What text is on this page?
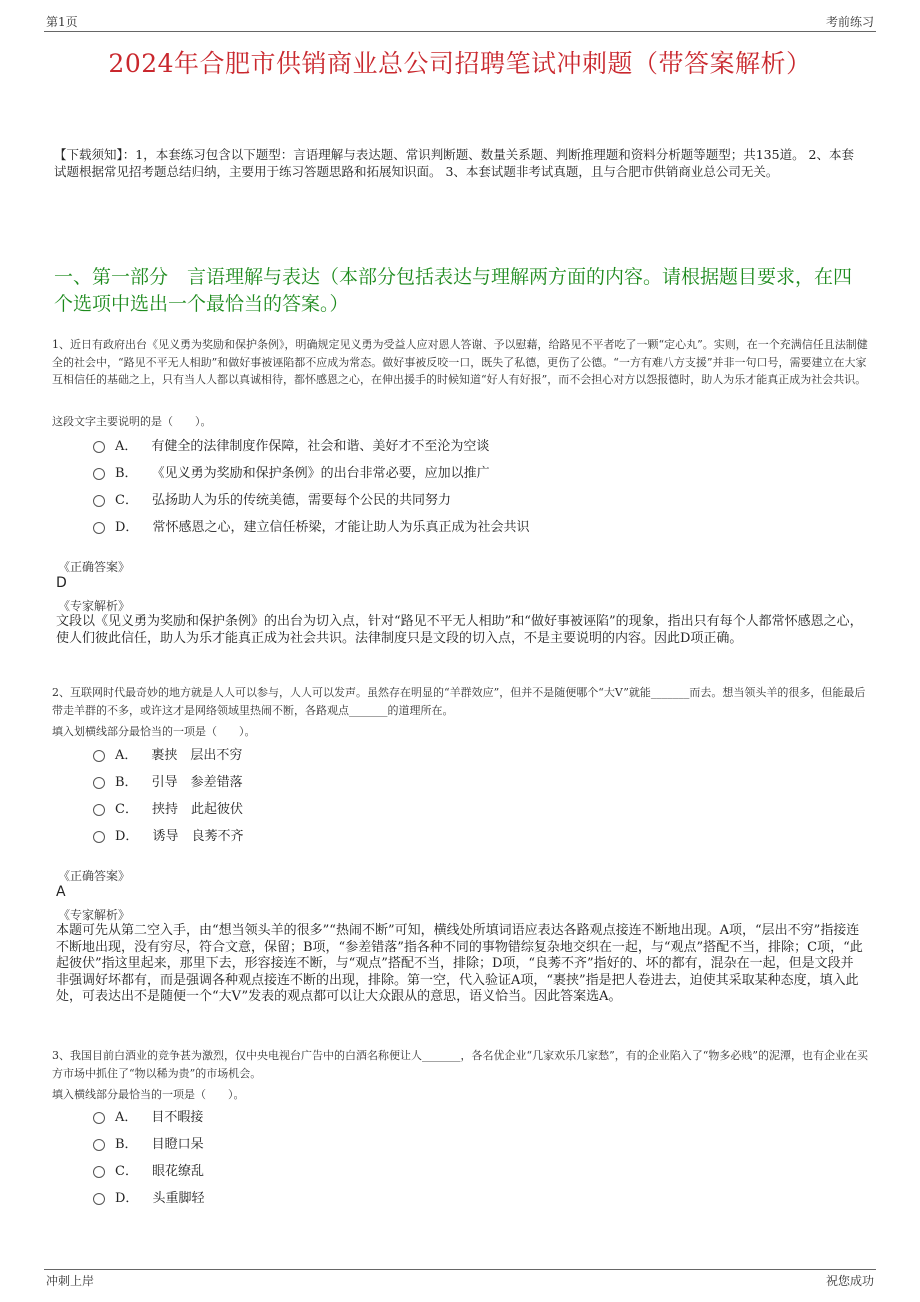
第1页	考前练习
2024年合肥市供销商业总公司招聘笔试冲刺题（带答案解析）
【下载须知】：1，本套练习包含以下题型：言语理解与表达题、常识判断题、数量关系题、判断推理题和资料分析题等题型；共135道。 2、本套试题根据常见招考题总结归纳，主要用于练习答题思路和拓展知识面。 3、本套试题非考试真题，且与合肥市供销商业总公司无关。
一、第一部分　言语理解与表达（本部分包括表达与理解两方面的内容。请根据题目要求，在四个选项中选出一个最恰当的答案。）
1、近日有政府出台《见义勇为奖励和保护条例》，明确规定见义勇为受益人应对恩人答谢、予以慰藉，给路见不平者吃了一颗“定心丸”。实则，在一个充满信任且法制健全的社会中，“路见不平无人相助”和做好事被诬陷都不应成为常态。做好事被反咬一口，既失了私德，更伤了公德。“一方有难八方支援”并非一句口号，需要建立在大家互相信任的基础之上，只有当人人都以真诚相待，都怀感恩之心，在伸出援手的时候知道“好人有好报”，而不会担心对方以怨报德时，助人为乐才能真正成为社会共识。
这段文字主要说明的是（　　）。
A． 有健全的法律制度作保障，社会和谐、美好才不至沦为空谈
B． 《见义勇为奖励和保护条例》的出台非常必要，应加以推广
C． 弘扬助人为乐的传统美德，需要每个公民的共同努力
D． 常怀感恩之心，建立信任桥梁，才能让助人为乐真正成为社会共识
《正确答案》
D
《专家解析》
文段以《见义勇为奖励和保护条例》的出台为切入点，针对“路见不平无人相助”和“做好事被诬陷”的现象，指出只有每个人都常怀感恩之心，使人们彼此信任，助人为乐才能真正成为社会共识。法律制度只是文段的切入点，不是主要说明的内容。因此D项正确。
2、互联网时代最奇妙的地方就是人人可以参与，人人可以发声。虽然存在明显的“羊群效应”，但并不是随便哪个“大V”就能_______而去。想当领头羊的很多，但能最后带走羊群的不多，或许这才是网络领域里热闹不断，各路观点_______的道理所在。
填入划横线部分最恰当的一项是（　　）。
A． 裹挟　层出不穷
B． 引导　参差错落
C． 挟持　此起彼伏
D． 诱导　良莠不齐
《正确答案》
A
《专家解析》
本题可先从第二空入手，由“想当领头羊的很多”“热闹不断”可知，横线处所填词语应表达各路观点接连不断地出现。A项，“层出不穷”指接连不断地出现，没有穷尽，符合文意，保留；B项，“参差错落”指各种不同的事物错综复杂地交织在一起，与“观点”搭配不当，排除；C项，“此起彼伏”指这里起来，那里下去，形容接连不断，与“观点”搭配不当，排除；D项，“良莠不齐”指好的、坏的都有，混杂在一起，但是文段并非强调好坏都有，而是强调各种观点接连不断的出现，排除。第一空，代入验证A项，“裹挟”指是把人卷进去，迫使其采取某种态度，填入此处，可表达出不是随便一个“大V”发表的观点都可以让大众跟从的意思，语义恰当。因此答案选A。
3、我国目前白酒业的竞争甚为激烈，仅中央电视台广告中的白酒名称便让人_______，各名优企业“几家欢乐几家愁”，有的企业陷入了“物多必贱”的泥潭，也有企业在买方市场中抓住了“物以稀为贵”的市场机会。
填入横线部分最恰当的一项是（　　）。
A． 目不暇接
B． 目瞪口呆
C． 眼花缭乱
D． 头重脚轻
冲刺上岸	祝您成功
